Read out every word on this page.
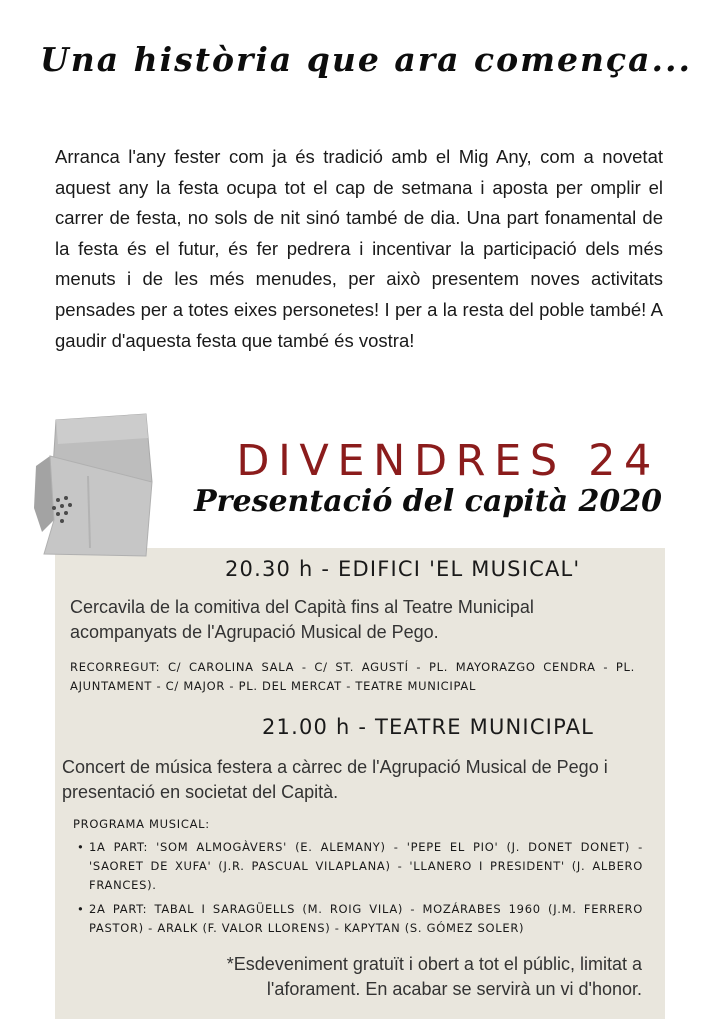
Una història que ara comença...
Arranca l'any fester com ja és tradició amb el Mig Any, com a novetat aquest any la festa ocupa tot el cap de setmana i aposta per omplir el carrer de festa, no sols de nit sinó també de dia. Una part fonamental de la festa és el futur, és fer pedrera i incentivar la participació dels més menuts i de les més menudes, per això presentem noves activitats pensades per a totes eixes personetes! I per a la resta del poble també! A gaudir d'aquesta festa que també és vostra!
DIVENDRES 24
Presentació del capità 2020
20.30 h - EDIFICI 'EL MUSICAL'
Cercavila de la comitiva del Capità fins al Teatre Municipal acompanyats de l'Agrupació Musical de Pego.
RECORREGUT: C/ CAROLINA SALA - C/ ST. AGUSTÍ - PL. MAYORAZGO CENDRA - PL. AJUNTAMENT - C/ MAJOR - PL. DEL MERCAT - TEATRE MUNICIPAL
21.00 h - TEATRE MUNICIPAL
Concert de música festera a càrrec de l'Agrupació Musical de Pego i presentació en societat del Capità.
PROGRAMA MUSICAL:
• 1A PART: 'SOM ALMOGÀVERS' (E. ALEMANY) - 'PEPE EL PIO' (J. DONET DONET) - 'SAORET DE XUFA' (J.R. PASCUAL VILAPLANA) - 'LLANERO I PRESIDENT' (J. ALBERO FRANCES).
• 2A PART: TABAL I SARAGÜELLS (M. ROIG VILA) - MOZÁRABES 1960 (J.M. FERRERO PASTOR) - ARALK (F. VALOR LLORENS) - KAPYTAN (S. GÓMEZ SOLER)
*Esdeveniment gratuït i obert a tot el públic, limitat a l'aforament. En acabar se servirà un vi d'honor.
